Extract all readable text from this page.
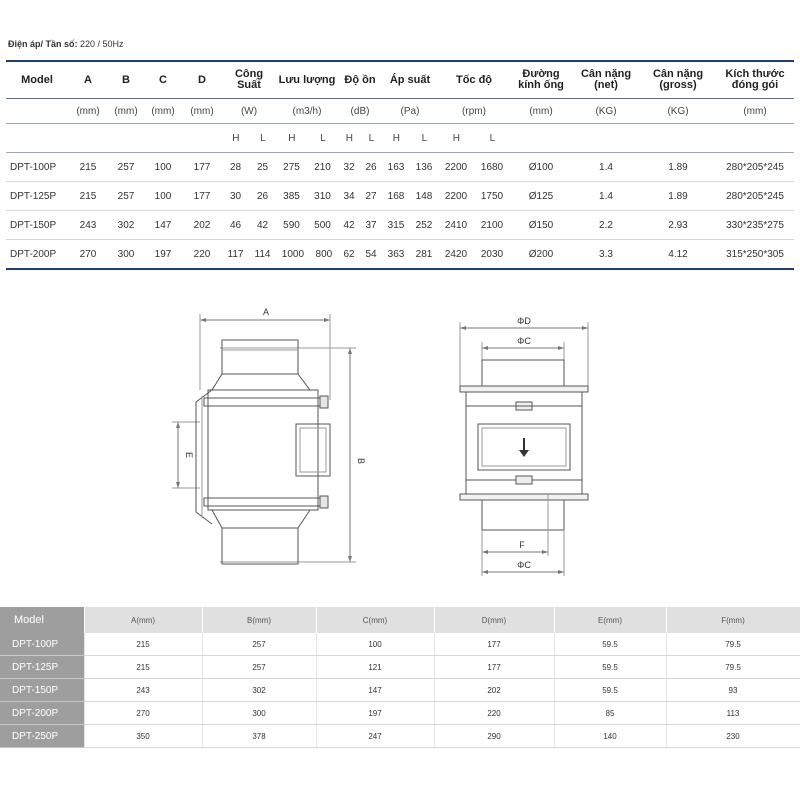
Điện áp/ Tần số: 220 / 50Hz
Model	A	B	C	D	Công Suất	Lưu lượng	Độ ồn	Áp suất	Tốc độ	Đường kính ống	Cân nặng (net)	Cân nặng (gross)	Kích thước đóng gói
	(mm)	(mm)	(mm)	(mm)	(W)	(m3/h)	(dB)	(Pa)	(rpm)	(mm)	(KG)	(KG)	(mm)

					H L	H L	H L	H L	H L				

DPT-100P	215	257	100	177	28 25	275 210	32 26	163 136	2200 1680	Ø100	1.4	1.89	280*205*245
DPT-125P	215	257	100	177	30 26	385 310	34 27	168 148	2200 1750	Ø125	1.4	1.89	280*205*245
DPT-150P	243	302	147	202	46 42	590 500	42 37	315 252	2410 2100	Ø150	2.2	2.93	330*235*275
DPT-200P	270	300	197	220	117 114	1000 800	62 54	363 281	2420 2030	Ø200	3.3	4.12	315*250*305
A
B
E
ΦD
ΦC
F
ΦC
Model	A(mm)	B(mm)	C(mm)	D(mm)	E(mm)	F(mm)
DPT-100P	215	257	100	177	59.5	79.5
DPT-125P	215	257	121	177	59.5	79.5
DPT-150P	243	302	147	202	59.5	93
DPT-200P	270	300	197	220	85	113
DPT-250P	350	378	247	290	140	230
